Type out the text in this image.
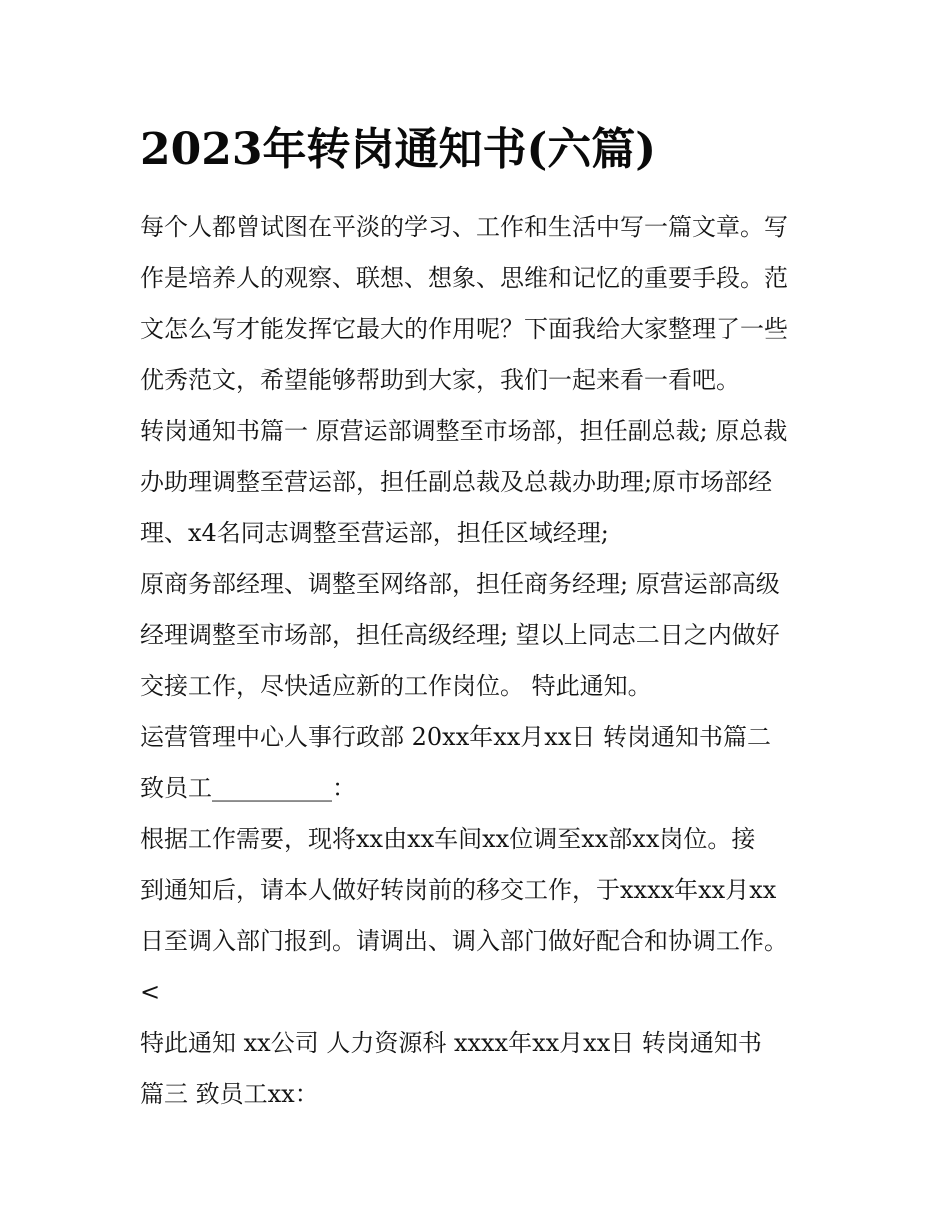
2023年转岗通知书(六篇)

每个人都曾试图在平淡的学习、工作和生活中写一篇文章。写
作是培养人的观察、联想、想象、思维和记忆的重要手段。范
文怎么写才能发挥它最大的作用呢？下面我给大家整理了一些
优秀范文，希望能够帮助到大家，我们一起来看一看吧。

转岗通知书篇一 原营运部调整至市场部，担任副总裁; 原总裁
办助理调整至营运部，担任副总裁及总裁办助理;原市场部经
理、x4名同志调整至营运部，担任区域经理;

原商务部经理、调整至网络部，担任商务经理; 原营运部高级
经理调整至市场部，担任高级经理; 望以上同志二日之内做好
交接工作，尽快适应新的工作岗位。 特此通知。

运营管理中心人事行政部 20xx年xx月xx日 转岗通知书篇二
致员工__________：

根据工作需要，现将xx由xx车间xx位调至xx部xx岗位。接
到通知后，请本人做好转岗前的移交工作，于xxxx年xx月xx
日至调入部门报到。请调出、调入部门做好配合和协调工作。
<

特此通知 xx公司 人力资源科 xxxx年xx月xx日 转岗通知书
篇三 致员工xx：
